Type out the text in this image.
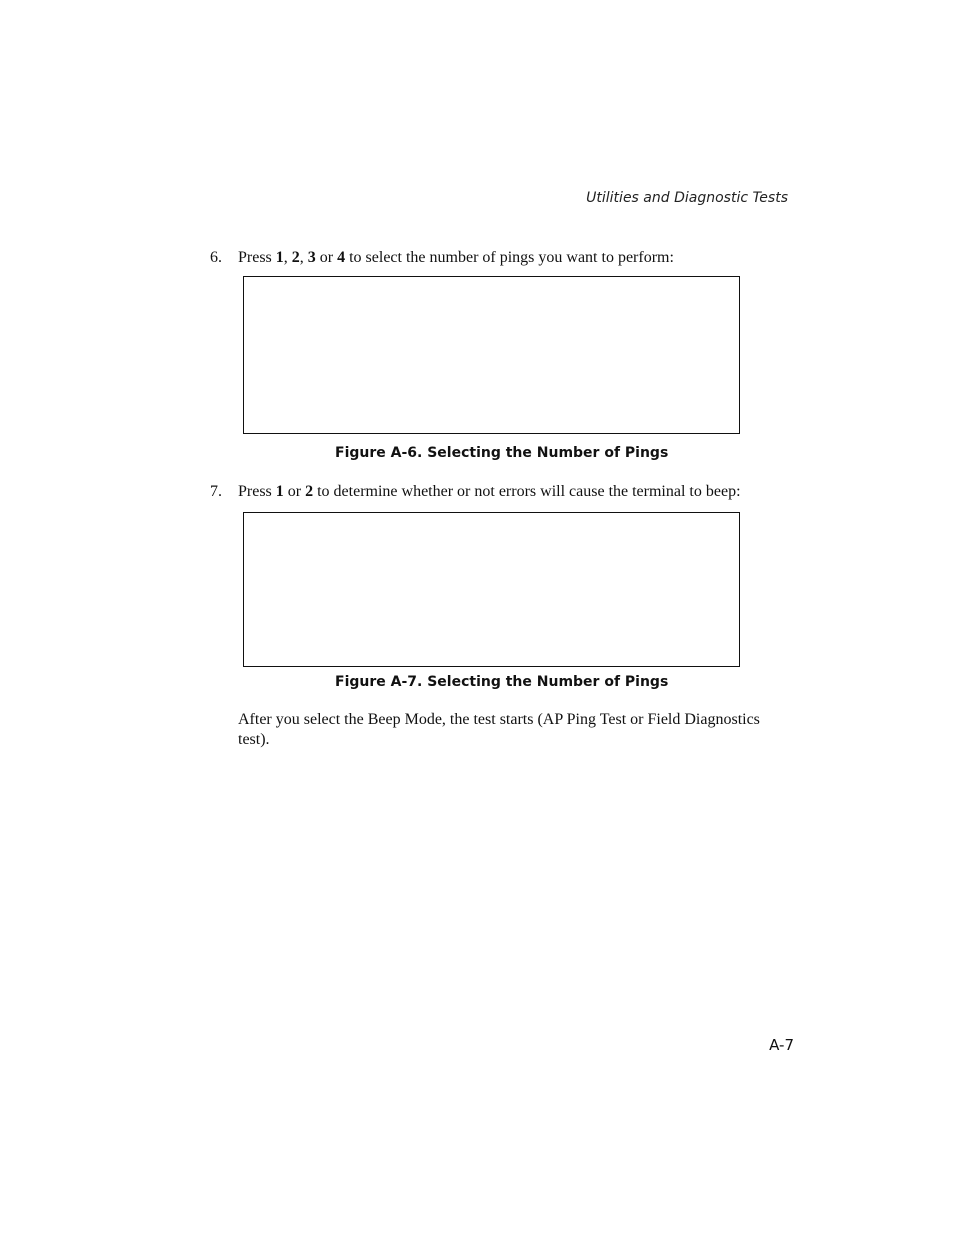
Utilities and Diagnostic Tests
6. Press 1, 2, 3 or 4 to select the number of pings you want to perform:
Figure A-6. Selecting the Number of Pings
7. Press 1 or 2 to determine whether or not errors will cause the terminal to beep:
Figure A-7. Selecting the Number of Pings
After you select the Beep Mode, the test starts (AP Ping Test or Field Diagnostics test).
A-7
